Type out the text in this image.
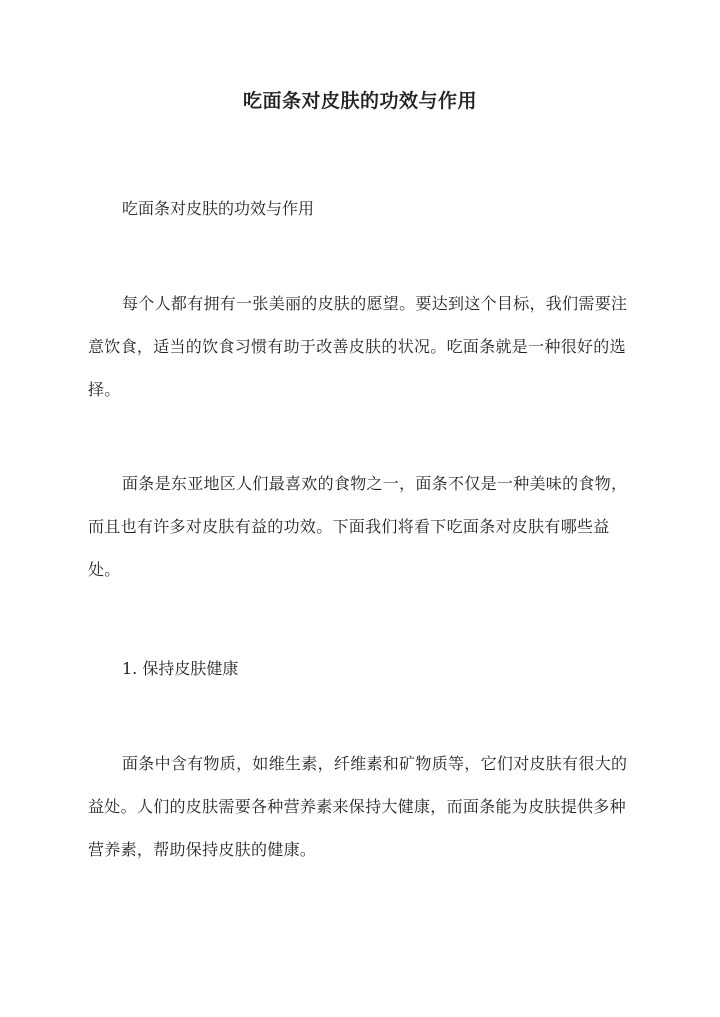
吃面条对皮肤的功效与作用
吃面条对皮肤的功效与作用
每个人都有拥有一张美丽的皮肤的愿望。要达到这个目标，我们需要注意饮食，适当的饮食习惯有助于改善皮肤的状况。吃面条就是一种很好的选择。
面条是东亚地区人们最喜欢的食物之一，面条不仅是一种美味的食物，而且也有许多对皮肤有益的功效。下面我们将看下吃面条对皮肤有哪些益处。
1. 保持皮肤健康
面条中含有物质，如维生素，纤维素和矿物质等，它们对皮肤有很大的益处。人们的皮肤需要各种营养素来保持大健康，而面条能为皮肤提供多种营养素，帮助保持皮肤的健康。
